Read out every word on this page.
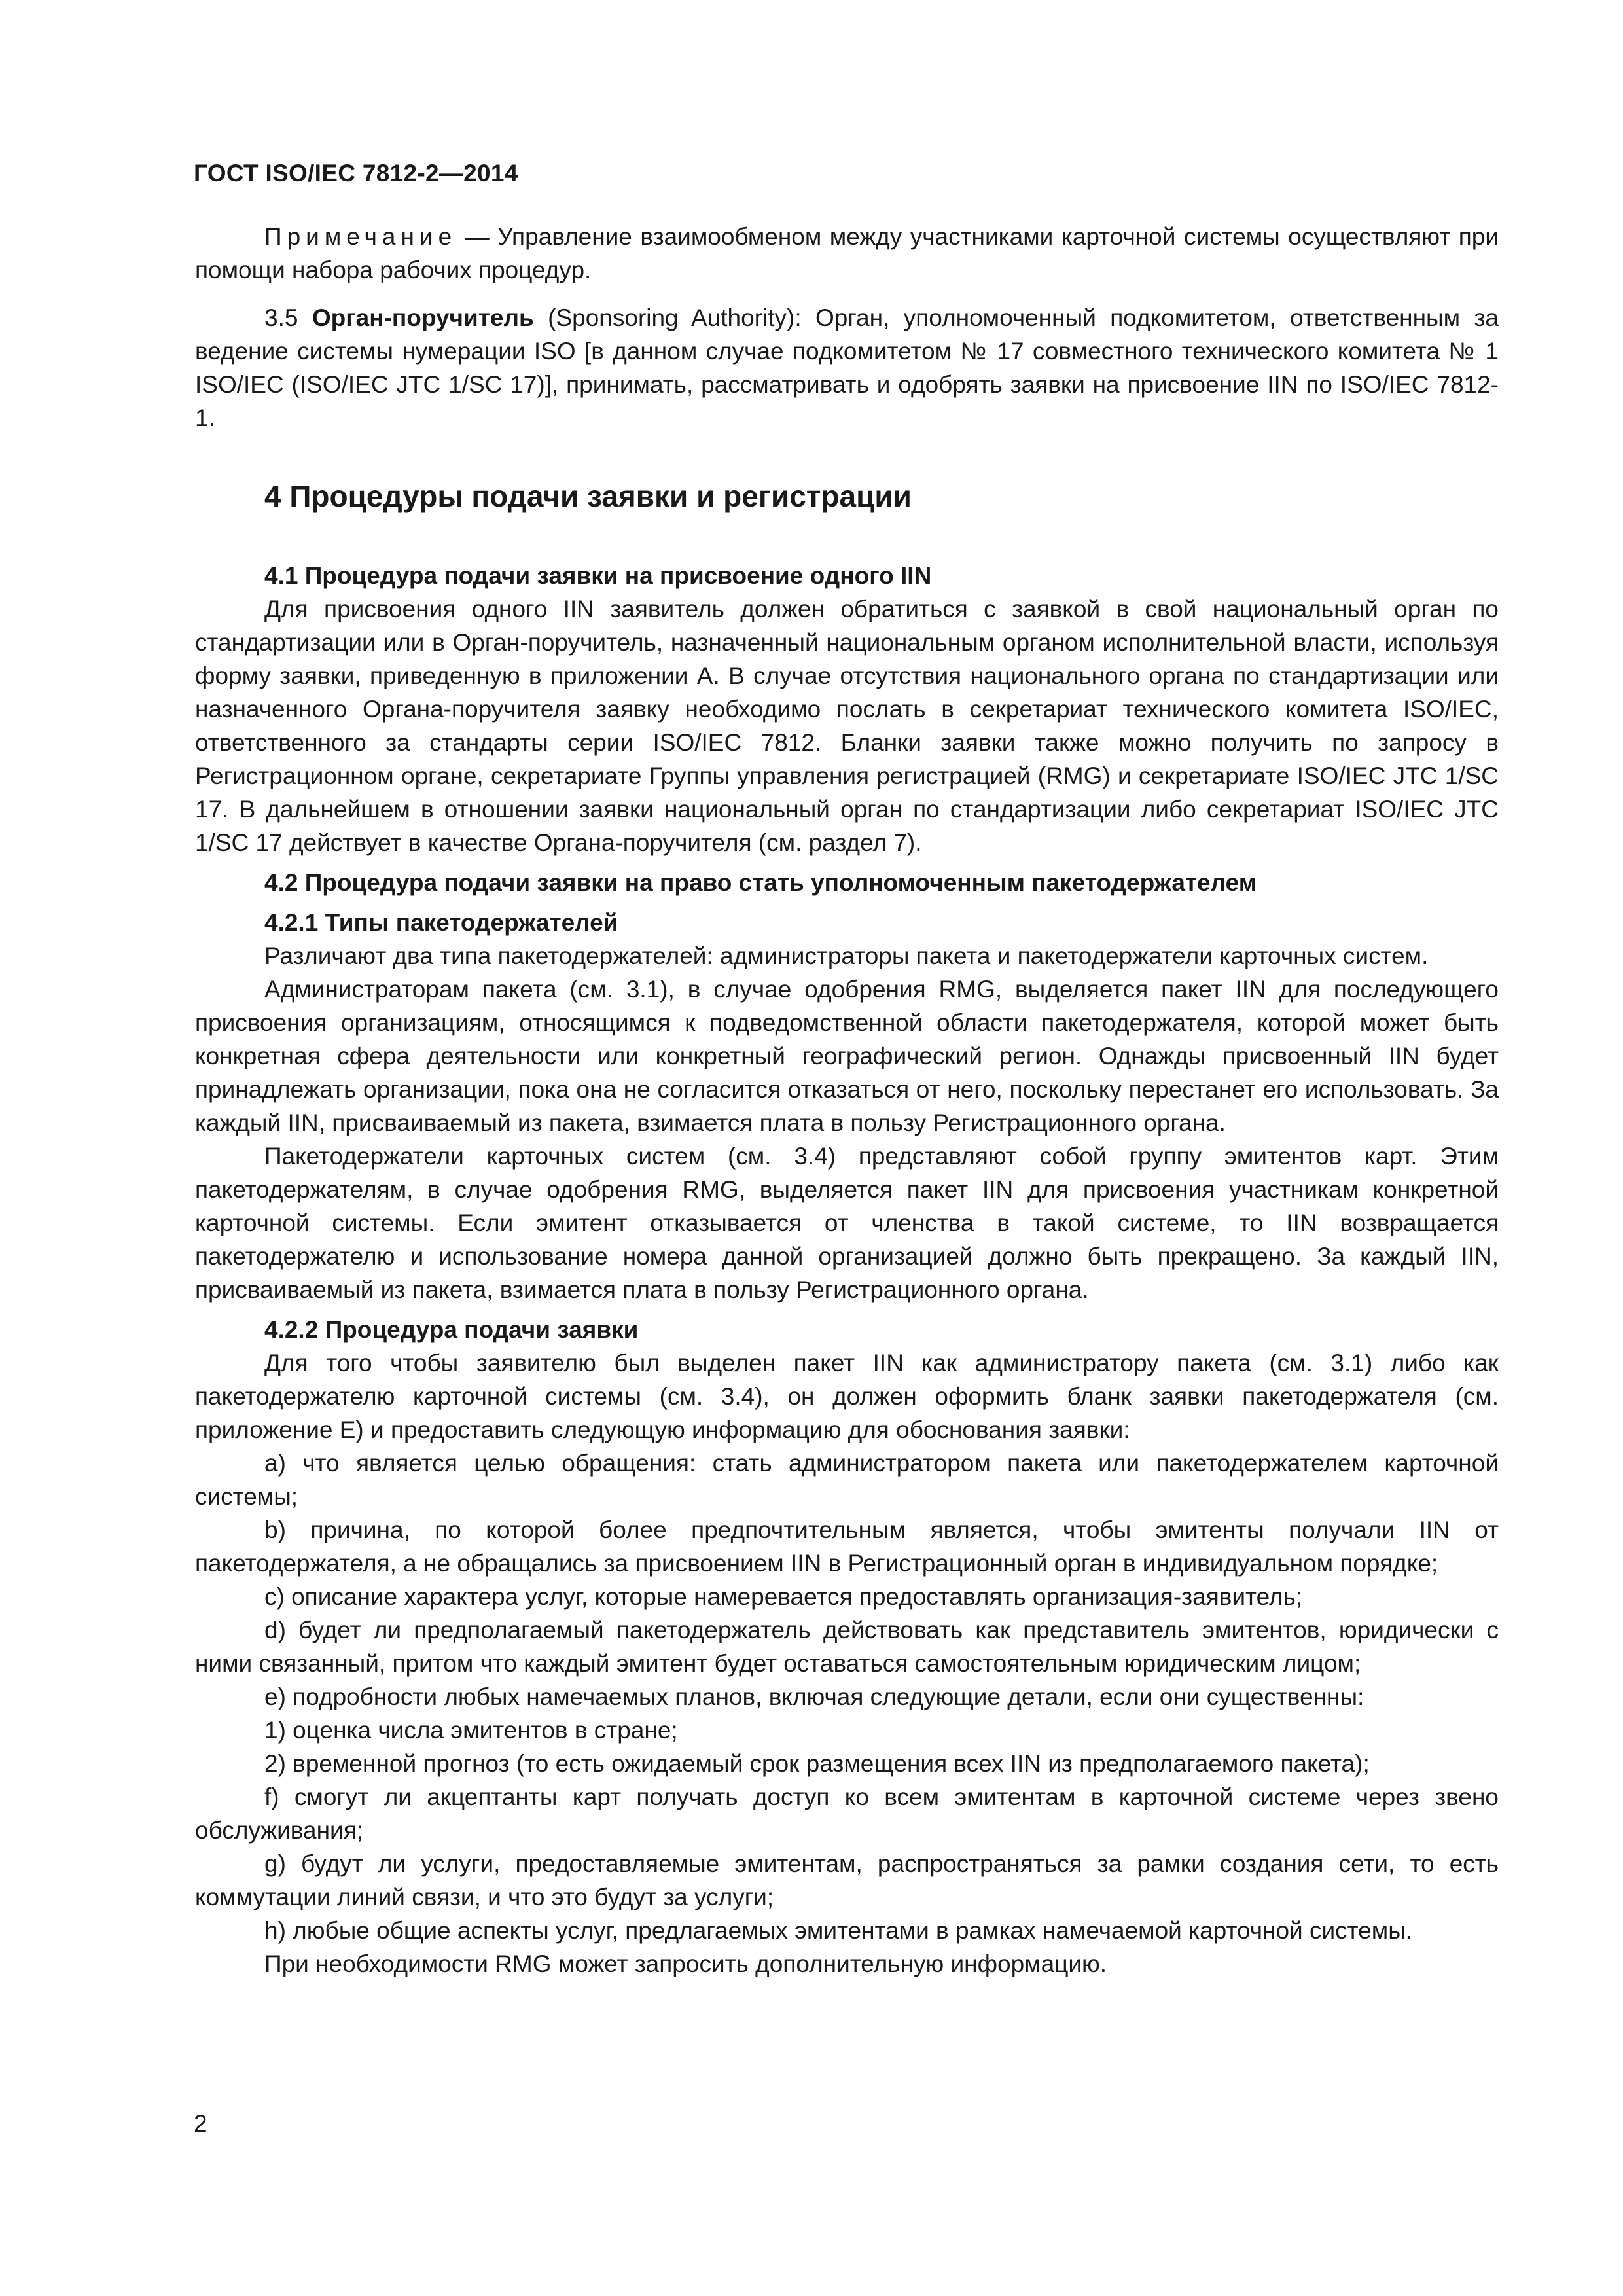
ГОСТ ISO/IEC 7812-2—2014

Примечание — Управление взаимообменом между участниками карточной системы осуществляют при помощи набора рабочих процедур.

3.5 Орган-поручитель (Sponsoring Authority): Орган, уполномоченный подкомитетом, ответственным за ведение системы нумерации ISO [в данном случае подкомитетом № 17 совместного технического комитета № 1 ISO/IEC (ISO/IEC JTC 1/SC 17)], принимать, рассматривать и одобрять заявки на присвоение IIN по ISO/IEC 7812-1.

4 Процедуры подачи заявки и регистрации
4.1 Процедура подачи заявки на присвоение одного IIN

Для присвоения одного IIN заявитель должен обратиться с заявкой в свой национальный орган по стандартизации или в Орган-поручитель, назначенный национальным органом исполнительной власти, используя форму заявки, приведенную в приложении А. В случае отсутствия национального органа по стандартизации или назначенного Органа-поручителя заявку необходимо послать в секретариат технического комитета ISO/IEC, ответственного за стандарты серии ISO/IEC 7812. Бланки заявки также можно получить по запросу в Регистрационном органе, секретариате Группы управления регистрацией (RMG) и секретариате ISO/IEC JTC 1/SC 17. В дальнейшем в отношении заявки национальный орган по стандартизации либо секретариат ISO/IEC JTC 1/SC 17 действует в качестве Органа-поручителя (см. раздел 7).

4.2 Процедура подачи заявки на право стать уполномоченным пакетодержателем
4.2.1 Типы пакетодержателей

Различают два типа пакетодержателей: администраторы пакета и пакетодержатели карточных систем.

Администраторам пакета (см. 3.1), в случае одобрения RMG, выделяется пакет IIN для последующего присвоения организациям, относящимся к подведомственной области пакетодержателя, которой может быть конкретная сфера деятельности или конкретный географический регион. Однажды присвоенный IIN будет принадлежать организации, пока она не согласится отказаться от него, поскольку перестанет его использовать. За каждый IIN, присваиваемый из пакета, взимается плата в пользу Регистрационного органа.

Пакетодержатели карточных систем (см. 3.4) представляют собой группу эмитентов карт. Этим пакетодержателям, в случае одобрения RMG, выделяется пакет IIN для присвоения участникам конкретной карточной системы. Если эмитент отказывается от членства в такой системе, то IIN возвращается пакетодержателю и использование номера данной организацией должно быть прекращено. За каждый IIN, присваиваемый из пакета, взимается плата в пользу Регистрационного органа.

4.2.2 Процедура подачи заявки

Для того чтобы заявителю был выделен пакет IIN как администратору пакета (см. 3.1) либо как пакетодержателю карточной системы (см. 3.4), он должен оформить бланк заявки пакетодержателя (см. приложение Е) и предоставить следующую информацию для обоснования заявки:

a) что является целью обращения: стать администратором пакета или пакетодержателем карточной системы;

b) причина, по которой более предпочтительным является, чтобы эмитенты получали IIN от пакетодержателя, а не обращались за присвоением IIN в Регистрационный орган в индивидуальном порядке;

c) описание характера услуг, которые намеревается предоставлять организация-заявитель;

d) будет ли предполагаемый пакетодержатель действовать как представитель эмитентов, юридически с ними связанный, притом что каждый эмитент будет оставаться самостоятельным юридическим лицом;

e) подробности любых намечаемых планов, включая следующие детали, если они существенны:

1) оценка числа эмитентов в стране;

2) временной прогноз (то есть ожидаемый срок размещения всех IIN из предполагаемого пакета);

f) смогут ли акцептанты карт получать доступ ко всем эмитентам в карточной системе через звено обслуживания;

g) будут ли услуги, предоставляемые эмитентам, распространяться за рамки создания сети, то есть коммутации линий связи, и что это будут за услуги;

h) любые общие аспекты услуг, предлагаемых эмитентами в рамках намечаемой карточной системы.

При необходимости RMG может запросить дополнительную информацию.

2
